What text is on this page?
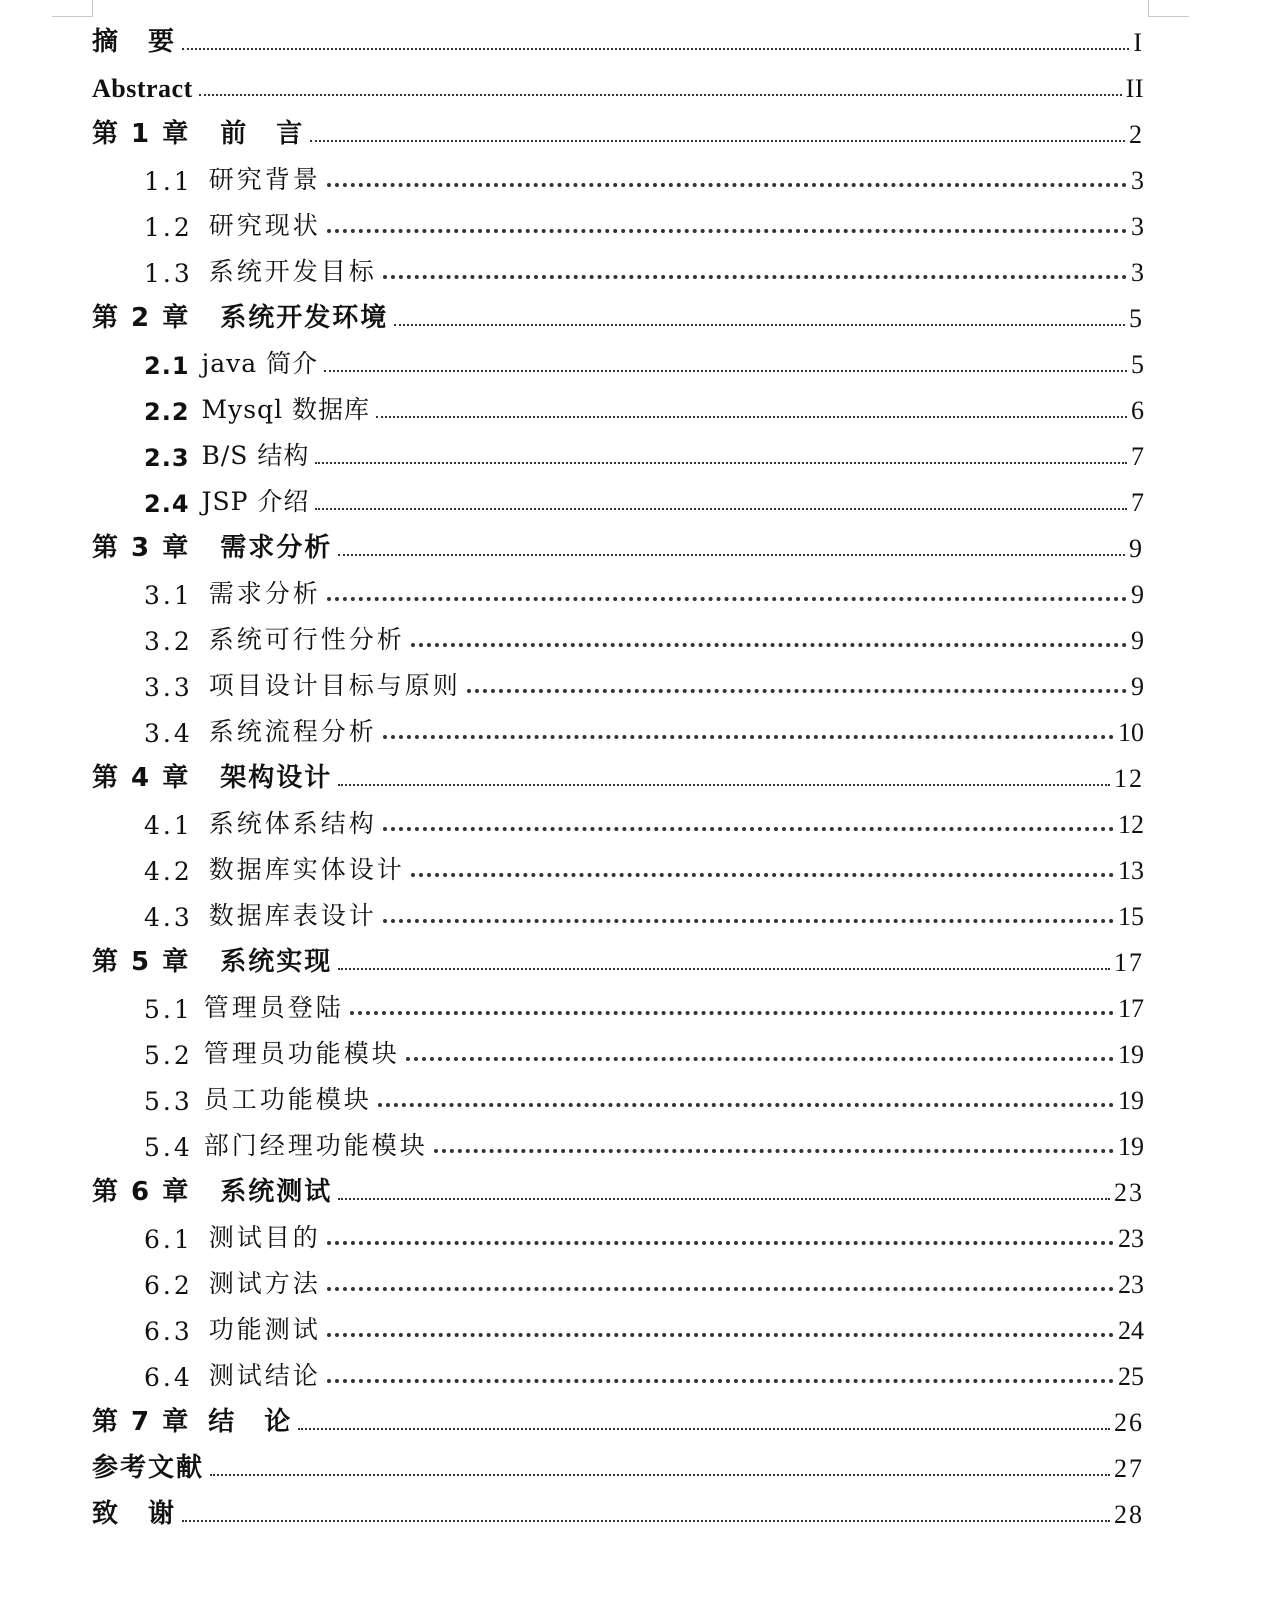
摘　要	I
Abstract	II
第 1 章 前　言	2
1.1 研究背景	3
1.2 研究现状	3
1.3 系统开发目标	3
第 2 章 系统开发环境	5
2.1 java 简介	5
2.2 Mysql 数据库	6
2.3 B/S 结构	7
2.4 JSP 介绍	7
第 3 章 需求分析	9
3.1 需求分析	9
3.2 系统可行性分析	9
3.3 项目设计目标与原则	9
3.4 系统流程分析	10
第 4 章 架构设计	12
4.1 系统体系结构	12
4.2 数据库实体设计	13
4.3 数据库表设计	15
第 5 章 系统实现	17
5.1 管理员登陆	17
5.2 管理员功能模块	19
5.3 员工功能模块	19
5.4 部门经理功能模块	19
第 6 章 系统测试	23
6.1 测试目的	23
6.2 测试方法	23
6.3 功能测试	24
6.4 测试结论	25
第 7 章 结　论	26
参考文献	27
致　谢	28
